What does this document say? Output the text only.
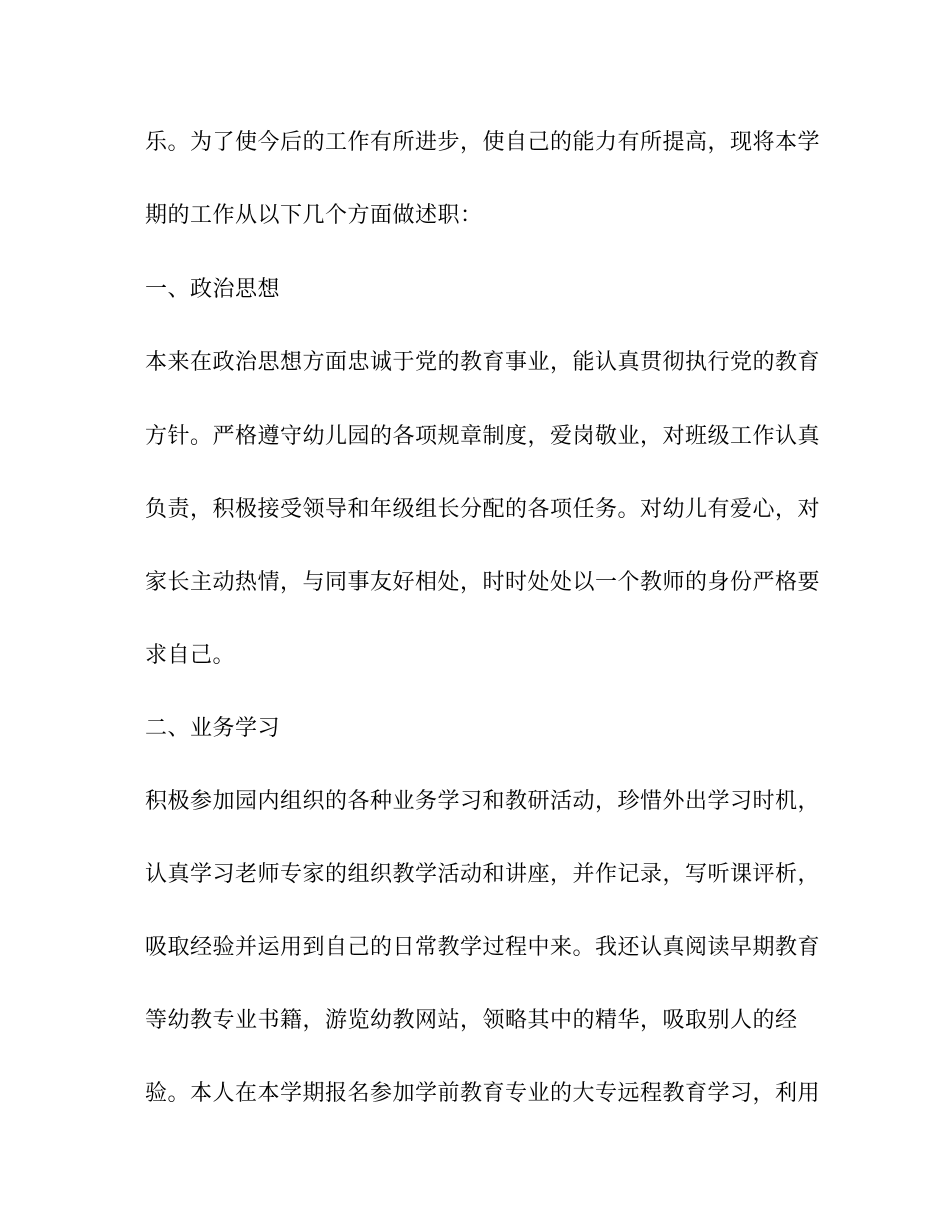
乐。为了使今后的工作有所进步，使自己的能力有所提高，现将本学
期的工作从以下几个方面做述职：
一、政治思想
本来在政治思想方面忠诚于党的教育事业，能认真贯彻执行党的教育
方针。严格遵守幼儿园的各项规章制度，爱岗敬业，对班级工作认真
负责，积极接受领导和年级组长分配的各项任务。对幼儿有爱心，对
家长主动热情，与同事友好相处，时时处处以一个教师的身份严格要
求自己。
二、业务学习
积极参加园内组织的各种业务学习和教研活动，珍惜外出学习时机，
认真学习老师专家的组织教学活动和讲座，并作记录，写听课评析，
吸取经验并运用到自己的日常教学过程中来。我还认真阅读早期教育
等幼教专业书籍，游览幼教网站，领略其中的精华，吸取别人的经
验。本人在本学期报名参加学前教育专业的大专远程教育学习，利用
